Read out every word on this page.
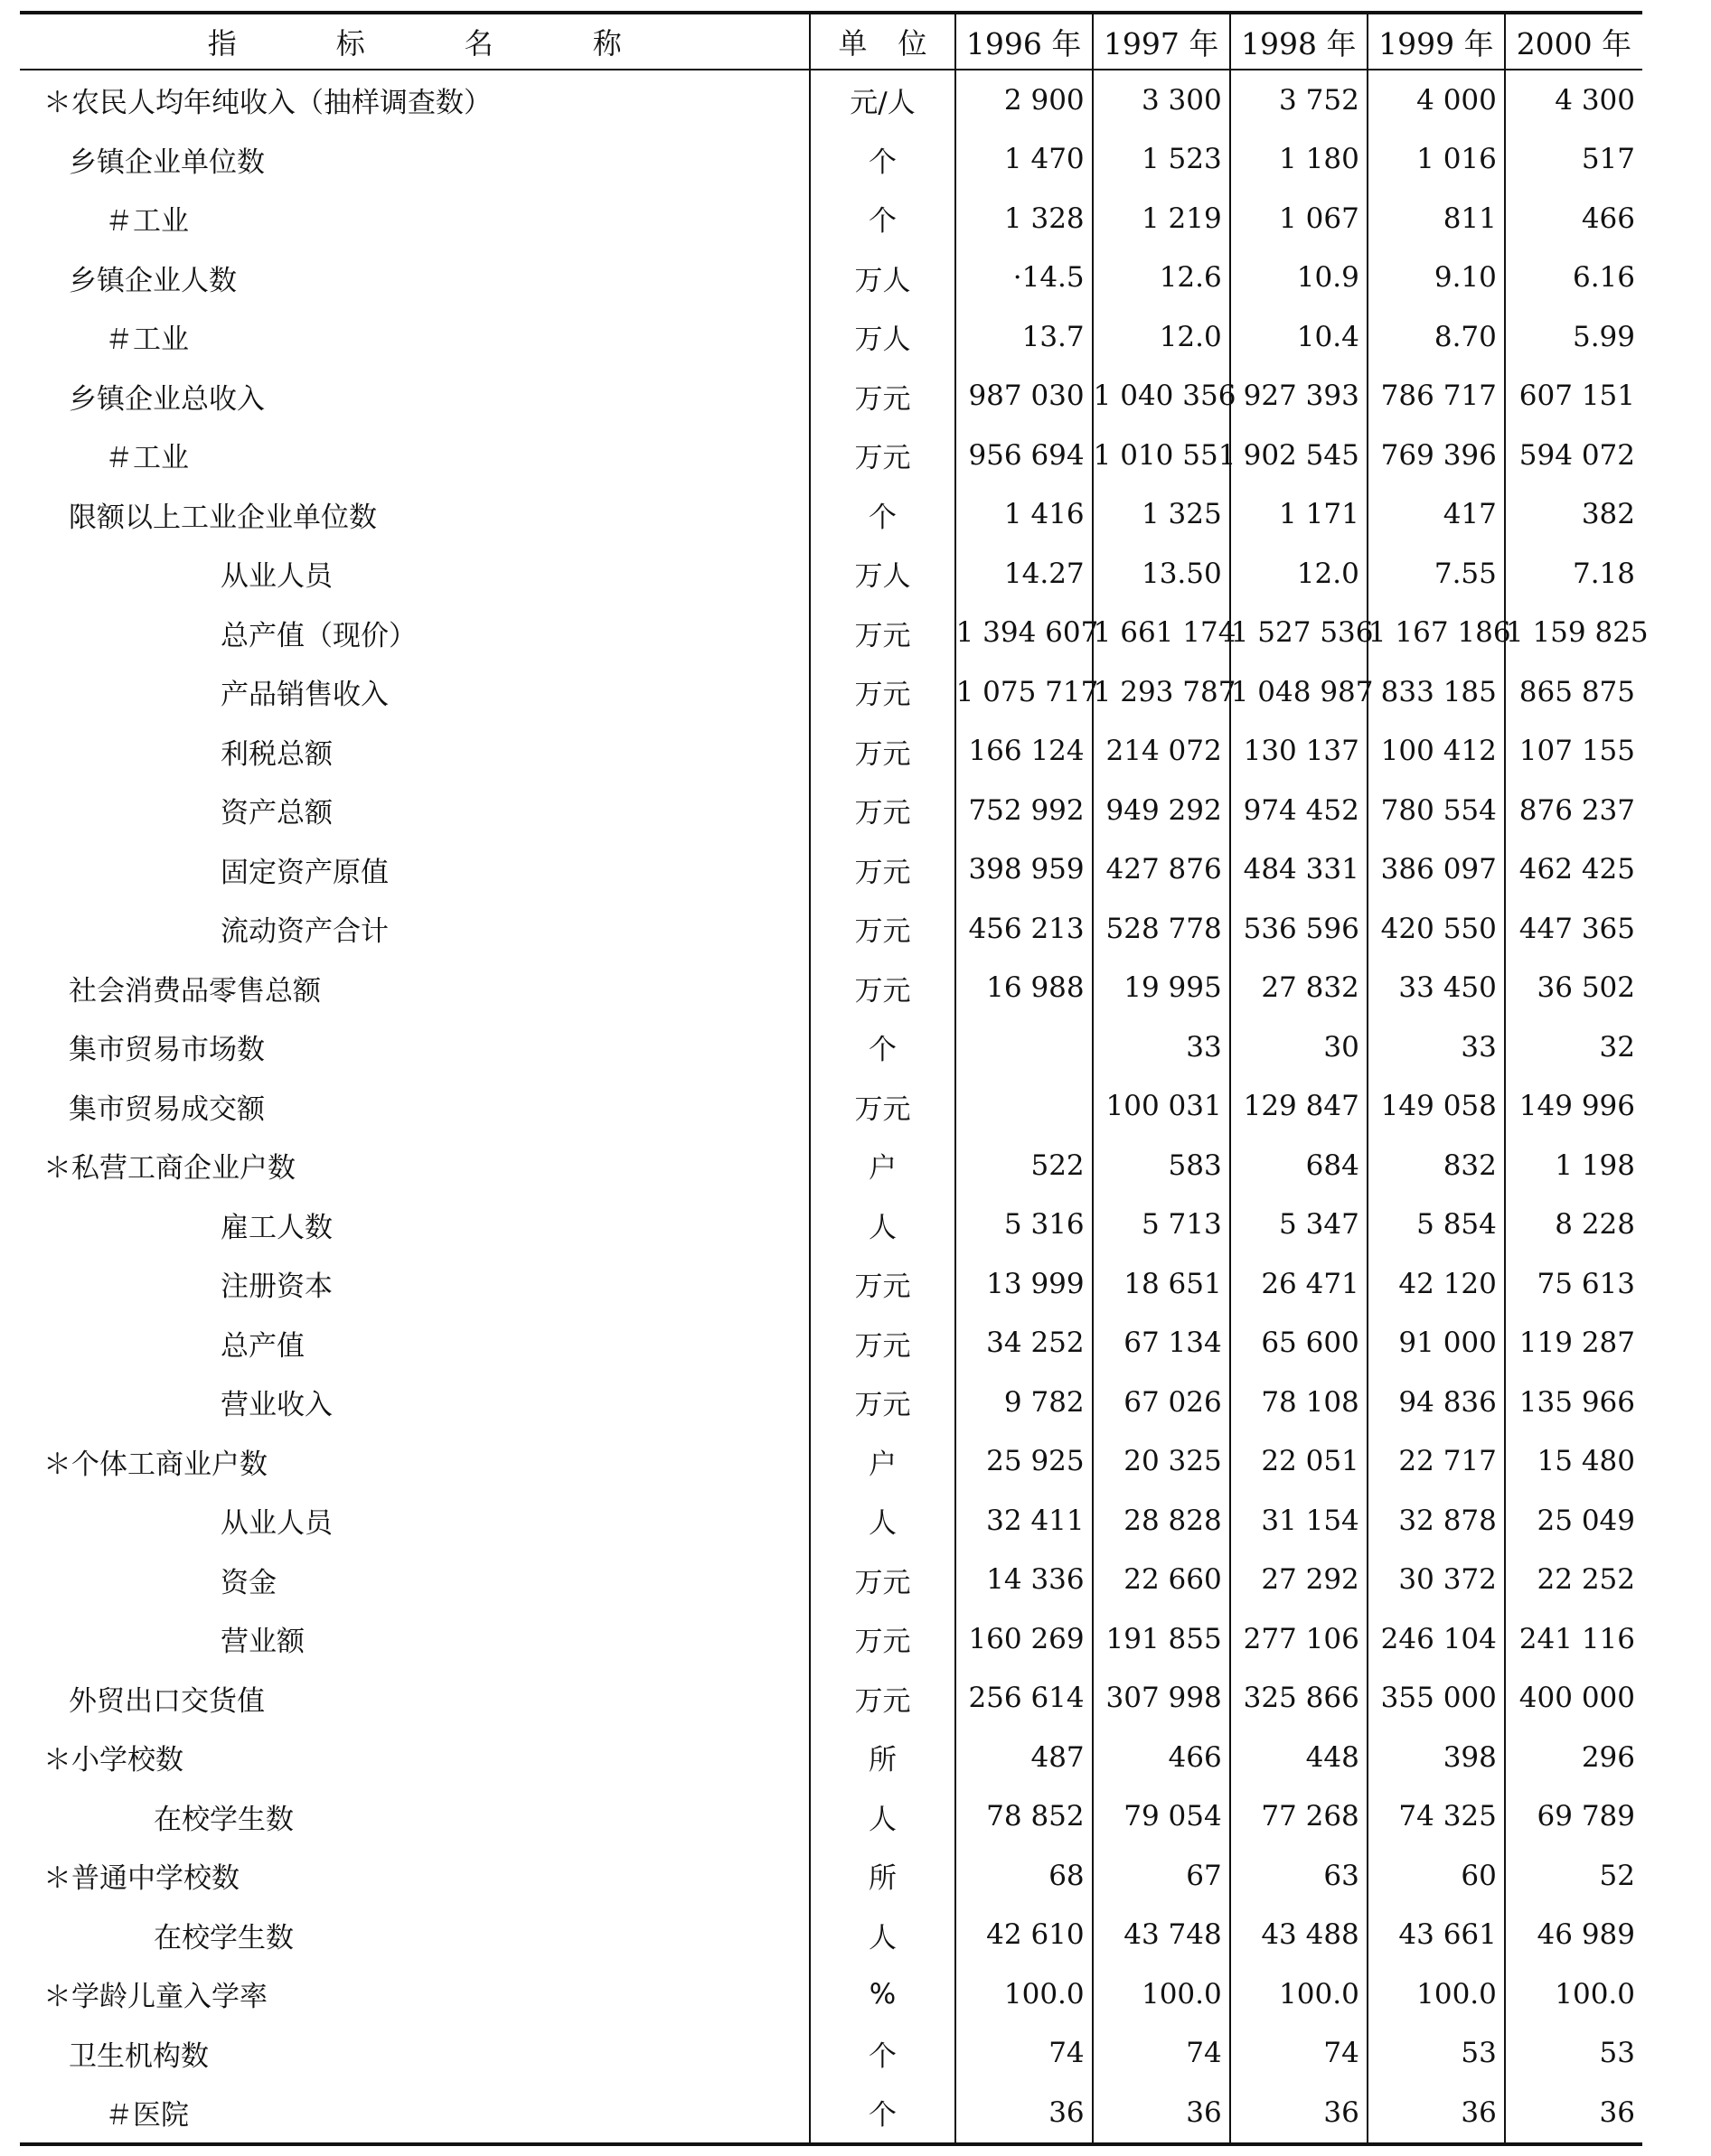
指 标 名 称	单 位	1996 年	1997 年	1998 年	1999 年	2000 年
＊农民人均年纯收入（抽样调查数）	元/人	2 900	3 300	3 752	4 000	4 300
乡镇企业单位数	个	1 470	1 523	1 180	1 016	517
＃工业	个	1 328	1 219	1 067	811	466
乡镇企业人数	万人	·14.5	12.6	10.9	9.10	6.16
＃工业	万人	13.7	12.0	10.4	8.70	5.99
乡镇企业总收入	万元	987 030	1 040 356	927 393	786 717	607 151
＃工业	万元	956 694	1 010 551	902 545	769 396	594 072
限额以上工业企业单位数	个	1 416	1 325	1 171	417	382
从业人员	万人	14.27	13.50	12.0	7.55	7.18
总产值（现价）	万元	1 394 607	1 661 174	1 527 536	1 167 186	1 159 825
产品销售收入	万元	1 075 717	1 293 787	1 048 987	833 185	865 875
利税总额	万元	166 124	214 072	130 137	100 412	107 155
资产总额	万元	752 992	949 292	974 452	780 554	876 237
固定资产原值	万元	398 959	427 876	484 331	386 097	462 425
流动资产合计	万元	456 213	528 778	536 596	420 550	447 365
社会消费品零售总额	万元	16 988	19 995	27 832	33 450	36 502
集市贸易市场数	个		33	30	33	32
集市贸易成交额	万元		100 031	129 847	149 058	149 996
＊私营工商企业户数	户	522	583	684	832	1 198
雇工人数	人	5 316	5 713	5 347	5 854	8 228
注册资本	万元	13 999	18 651	26 471	42 120	75 613
总产值	万元	34 252	67 134	65 600	91 000	119 287
营业收入	万元	9 782	67 026	78 108	94 836	135 966
＊个体工商业户数	户	25 925	20 325	22 051	22 717	15 480
从业人员	人	32 411	28 828	31 154	32 878	25 049
资金	万元	14 336	22 660	27 292	30 372	22 252
营业额	万元	160 269	191 855	277 106	246 104	241 116
外贸出口交货值	万元	256 614	307 998	325 866	355 000	400 000
＊小学校数	所	487	466	448	398	296
在校学生数	人	78 852	79 054	77 268	74 325	69 789
＊普通中学校数	所	68	67	63	60	52
在校学生数	人	42 610	43 748	43 488	43 661	46 989
＊学龄儿童入学率	%	100.0	100.0	100.0	100.0	100.0
卫生机构数	个	74	74	74	53	53
＃医院	个	36	36	36	36	36
